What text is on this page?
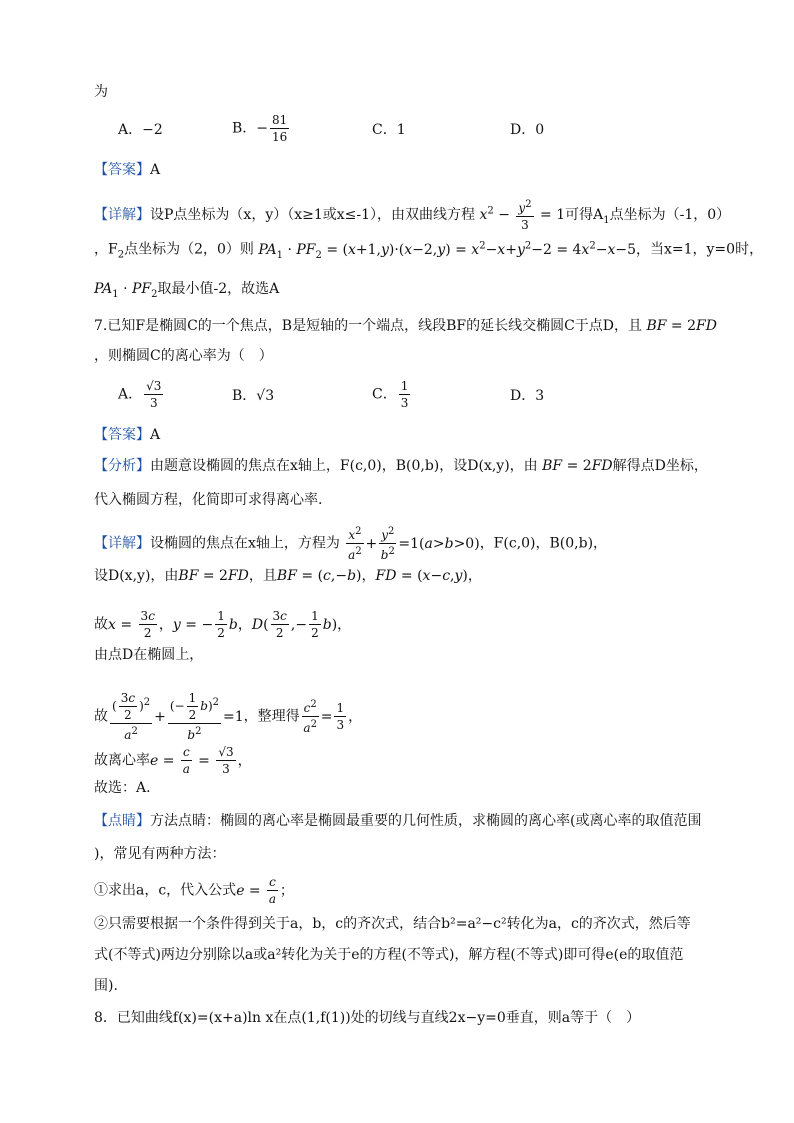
为
A．−2	B．− $\frac{81}{16}$	C．1	D．0
【答案】A
【详解】设P点坐标为（x，y）（x≥1或x≤-1），由双曲线方程 $x^2 - \frac{y^2}{3} = 1$可得$A_1$点坐标为（-1，0）
，$F_2$点坐标为（2，0）则 $PA_1 \cdot PF_2 = (x+1,y)\cdot(x-2,y) = x^2-x+y^2-2 = 4x^2-x-5$，当x=1，y=0时，
$PA_1 \cdot PF_2$取最小值-2，故选A
7.已知F是椭圆C的一个焦点，B是短轴的一个端点，线段BF的延长线交椭圆C于点D，且 BF = 2FD
，则椭圆C的离心率为（　）
A． $\frac{√3}{3}$	B．√3	C． $\frac{1}{3}$	D．3
【答案】A
【分析】由题意设椭圆的焦点在x轴上，F(c,0)，B(0,b)，设D(x,y)，由 BF = 2FD解得点D坐标，
代入椭圆方程，化简即可求得离心率.
【详解】设椭圆的焦点在x轴上，方程为 $\frac{x^2}{a^2} + \frac{y^2}{b^2} =1(a>b>0)$，F(c,0)，B(0,b)，
设D(x,y)，由BF = 2FD，且BF = (c,−b)，FD = (x−c,y)，
故$x = \frac{3c}{2}$ ，y = − $\frac{1}{2}$ b，$D( \frac{3c}{2}$ ,− $\frac{1}{2} b$)，
由点D在椭圆上，
故 $\frac{( \frac{3c}{2} )^2}{a^2} + \frac{(- \frac{1}{2} b)^2}{b^2} =1$，整理得 $\frac{c^2}{a^2} = \frac{1}{3}$ ，
故离心率$e = \frac{c}{a} = \frac{√3}{3}$ ，
故选：A.
【点睛】方法点睛：椭圆的离心率是椭圆最重要的几何性质，求椭圆的离心率(或离心率的取值范围
)，常见有两种方法：
①求出a，c，代入公式$e = \frac{c}{a}$ ；
②只需要根据一个条件得到关于a，b，c的齐次式，结合b²=a²−c²转化为a，c的齐次式，然后等
式(不等式)两边分别除以a或a²转化为关于e的方程(不等式)，解方程(不等式)即可得e(e的取值范
围).
8．已知曲线f(x)=(x+a)ln x在点(1,f(1))处的切线与直线2x−y=0垂直，则a等于（　）
